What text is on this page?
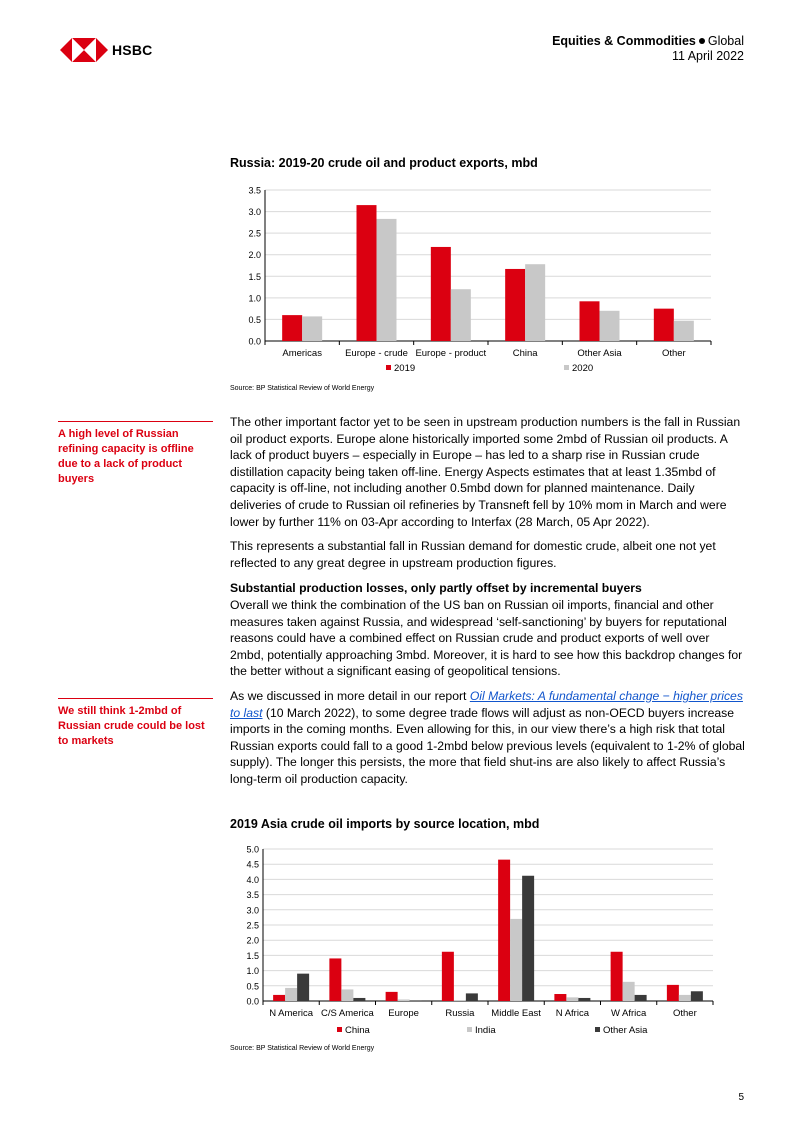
HSBC
Equities & Commodities Global
11 April 2022
Russia: 2019-20 crude oil and product exports, mbd
0.0
0.5
1.0
1.5
2.0
2.5
3.0
3.5
Americas Europe - crude Europe - product	China	Other Asia	Other
2019	2020
Source: BP Statistical Review of World Energy
A high level of Russian refining capacity is offline due to a lack of product buyers

The other important factor yet to be seen in upstream production numbers is the fall in Russian oil product exports. Europe alone historically imported some 2mbd of Russian oil products. A lack of product buyers – especially in Europe – has led to a sharp rise in Russian crude distillation capacity being taken off-line. Energy Aspects estimates that at least 1.35mbd of capacity is off-line, not including another 0.5mbd down for planned maintenance. Daily deliveries of crude to Russian oil refineries by Transneft fell by 10% mom in March and were lower by further 11% on 03-Apr according to Interfax (28 March, 05 Apr 2022).

This represents a substantial fall in Russian demand for domestic crude, albeit one not yet reflected to any great degree in upstream production figures.

Substantial production losses, only partly offset by incremental buyers

Overall we think the combination of the US ban on Russian oil imports, financial and other measures taken against Russia, and widespread ‘self-sanctioning’ by buyers for reputational reasons could have a combined effect on Russian crude and product exports of well over 2mbd, potentially approaching 3mbd. Moreover, it is hard to see how this backdrop changes for the better without a significant easing of geopolitical tensions.

As we discussed in more detail in our report Oil Markets: A fundamental change − higher prices to last (10 March 2022), to some degree trade flows will adjust as non-OECD buyers increase imports in the coming months. Even allowing for this, in our view there’s a high risk that total Russian exports could fall to a good 1-2mbd below previous levels (equivalent to 1-2% of global supply). The longer this persists, the more that field shut-ins are also likely to affect Russia’s long-term oil production capacity.

We still think 1-2mbd of Russian crude could be lost to markets
2019 Asia crude oil imports by source location, mbd
0.0
0.5
1.0
1.5
2.0
2.5
3.0
3.5
4.0
4.5
5.0
N America C/S America Europe	Russia Middle East N Africa W Africa	Other
China	India	Other Asia
Source: BP Statistical Review of World Energy
5
